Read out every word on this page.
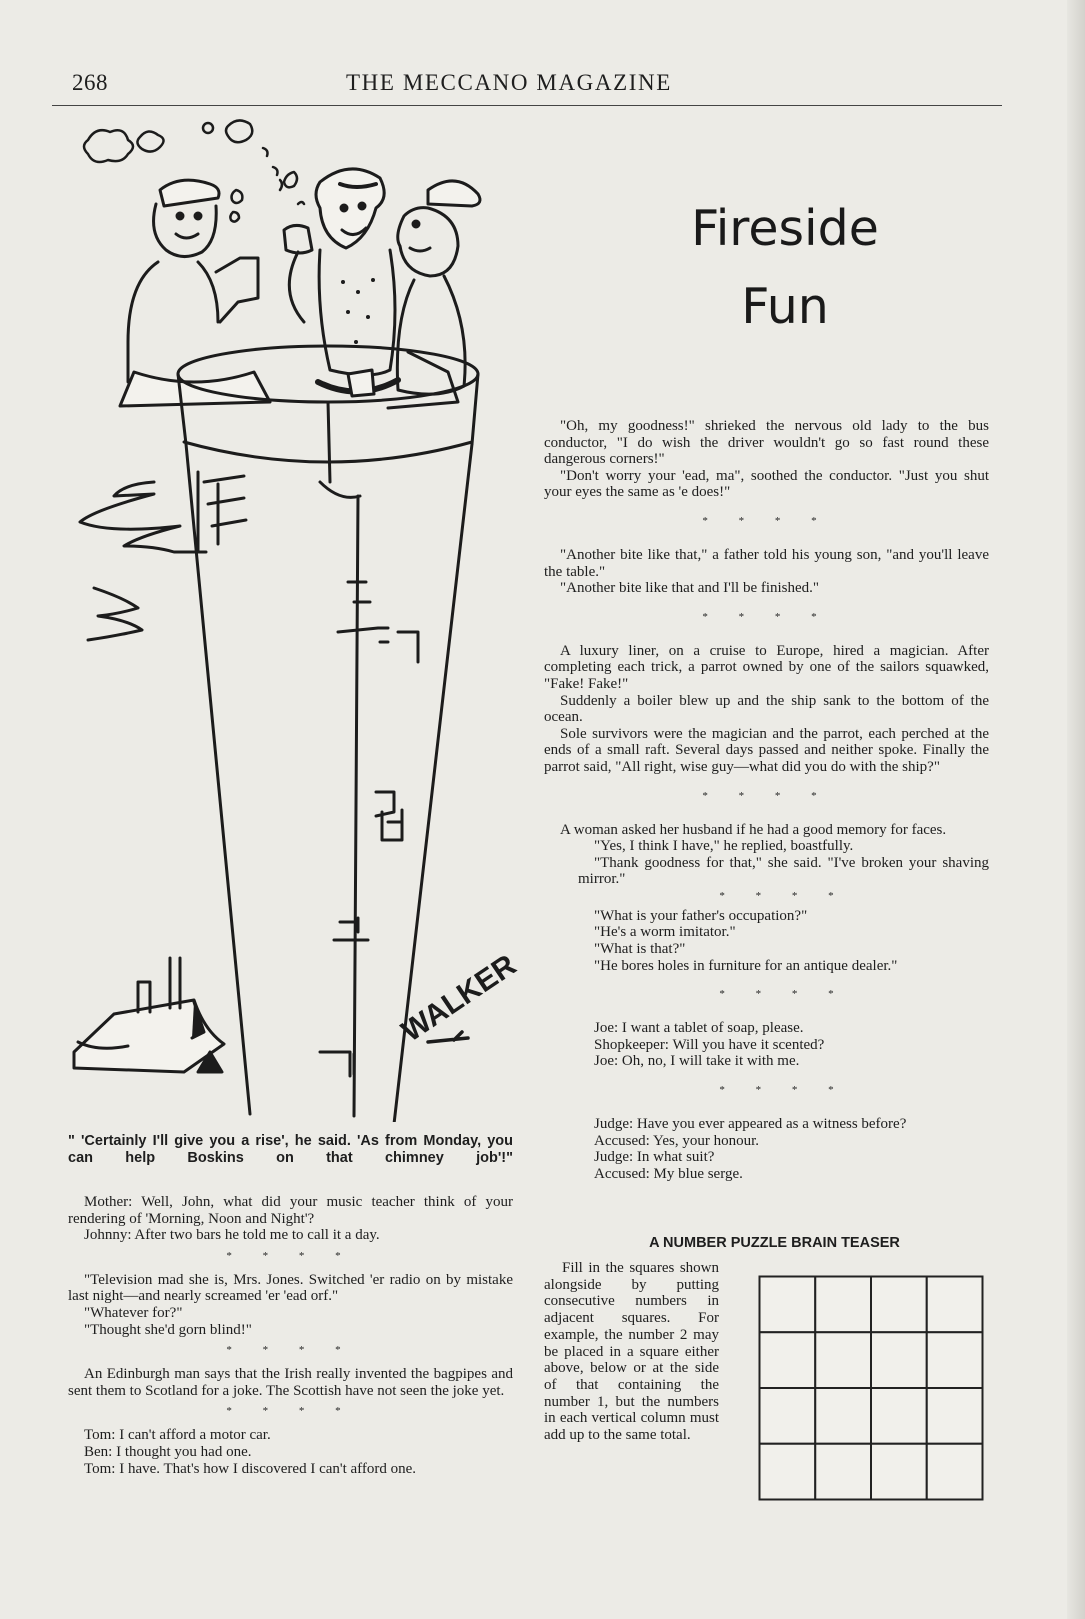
268	THE MECCANO MAGAZINE
WALKER
" 'Certainly I'll give you a rise', he said. 'As from Monday, you can help Boskins on that chimney job'!"
Fireside
Fun

"Oh, my goodness!" shrieked the nervous old lady to the bus conductor, "I do wish the driver wouldn't go so fast round these dangerous corners!"

"Don't worry your 'ead, ma", soothed the conductor. "Just you shut your eyes the same as 'e does!"

* * * *

"Another bite like that," a father told his young son, "and you'll leave the table."

"Another bite like that and I'll be finished."

* * * *

A luxury liner, on a cruise to Europe, hired a magician. After completing each trick, a parrot owned by one of the sailors squawked, "Fake! Fake!"

Suddenly a boiler blew up and the ship sank to the bottom of the ocean.

Sole survivors were the magician and the parrot, each perched at the ends of a small raft. Several days passed and neither spoke. Finally the parrot said, "All right, wise guy—what did you do with the ship?"

* * * *

A woman asked her husband if he had a good memory for faces.

"Yes, I think I have," he replied, boastfully.

"Thank goodness for that," she said. "I've broken your shaving mirror."

* * * *

"What is your father's occupation?"

"He's a worm imitator."

"What is that?"

"He bores holes in furniture for an antique dealer."

* * * *

Joe: I want a tablet of soap, please.

Shopkeeper: Will you have it scented?

Joe: Oh, no, I will take it with me.

* * * *

Judge: Have you ever appeared as a witness before?

Accused: Yes, your honour.

Judge: In what suit?

Accused: My blue serge.

Mother: Well, John, what did your music teacher think of your rendering of 'Morning, Noon and Night'?

Johnny: After two bars he told me to call it a day.

* * * *

"Television mad she is, Mrs. Jones. Switched 'er radio on by mistake last night—and nearly screamed 'er 'ead orf."

"Whatever for?"

"Thought she'd gorn blind!"

* * * *

An Edinburgh man says that the Irish really invented the bagpipes and sent them to Scotland for a joke. The Scottish have not seen the joke yet.

* * * *

Tom: I can't afford a motor car.

Ben: I thought you had one.

Tom: I have. That's how I discovered I can't afford one.

A NUMBER PUZZLE BRAIN TEASER

Fill in the squares shown alongside by putting consecutive numbers in adjacent squares. For example, the number 2 may be placed in a square either above, below or at the side of that containing the number 1, but the numbers in each vertical column must add up to the same total.
